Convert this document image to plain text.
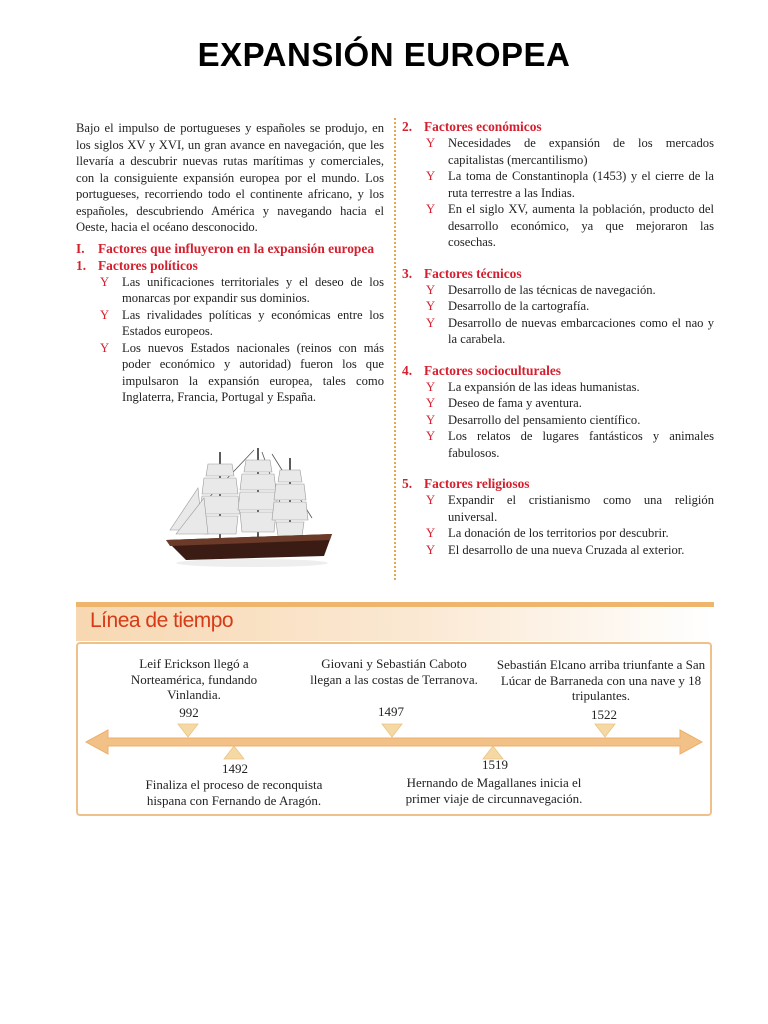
EXPANSIÓN EUROPEA

Bajo el impulso de portugueses y españoles se produjo, en los siglos XV y XVI, un gran avance en navegación, que les llevaría a descubrir nuevas rutas marítimas y comerciales, con la consiguiente expansión europea por el mundo. Los portugueses, recorriendo todo el continente africano, y los españoles, descubriendo América y navegando hacia el Oeste, hacia el océano desconocido.

I.	Factores que influyeron en la expansión europea
1. Factores políticos
Y Las unificaciones territoriales y el deseo de los monarcas por expandir sus dominios.
Y Las rivalidades políticas y económicas entre los Estados europeos.
Y Los nuevos Estados nacionales (reinos con más poder económico y autoridad) fueron los que impulsaron la expansión europea, tales como Inglaterra, Francia, Portugal y España.
2. Factores económicos
Y Necesidades de expansión de los mercados capitalistas (mercantilismo)
Y La toma de Constantinopla (1453) y el cierre de la ruta terrestre a las Indias.
Y En el siglo XV, aumenta la población, producto del desarrollo económico, ya que mejoraron las cosechas.
3. Factores técnicos
Y Desarrollo de las técnicas de navegación.
Y Desarrollo de la cartografía.
Y Desarrollo de nuevas embarcaciones como el nao y la carabela.
4. Factores socioculturales
Y La expansión de las ideas humanistas.
Y Deseo de fama y aventura.
Y Desarrollo del pensamiento científico.
Y Los relatos de lugares fantásticos y animales fabulosos.
5. Factores religiosos
Y Expandir el cristianismo como una religión universal.
Y La donación de los territorios por descubrir.
Y El desarrollo de una nueva Cruzada al exterior.
Línea de tiempo
Leif Erickson llegó a Norteamérica, fundando Vinlandia.
992
1492
Finaliza el proceso de reconquista hispana con Fernando de Aragón.
Giovani y Sebastián Caboto llegan a las costas de Terranova.
1497
1519
Hernando de Magallanes inicia el primer viaje de circunnavegación.
Sebastián Elcano arriba triunfante a San Lúcar de Barraneda con una nave y 18 tripulantes.
1522
